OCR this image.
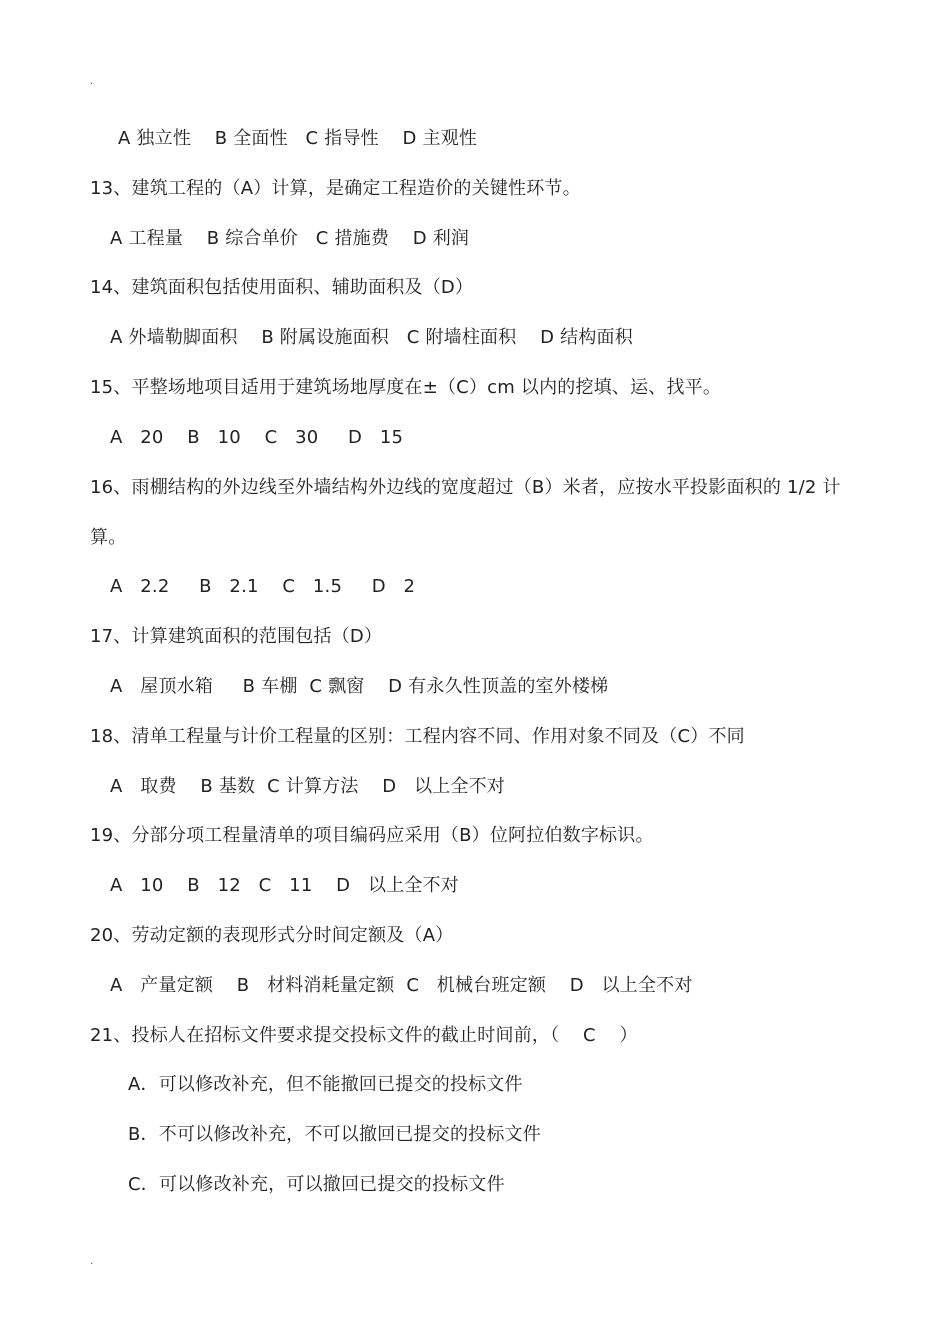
.
A 独立性    B 全面性   C 指导性    D 主观性
13、建筑工程的（A）计算，是确定工程造价的关键性环节。
A 工程量    B 综合单价   C 措施费    D 利润
14、建筑面积包括使用面积、辅助面积及（D）
A 外墙勒脚面积    B 附属设施面积   C 附墙柱面积    D 结构面积
15、平整场地项目适用于建筑场地厚度在±（C）cm 以内的挖填、运、找平。
A   20    B   10    C   30     D   15
16、雨棚结构的外边线至外墙结构外边线的宽度超过（B）米者，应按水平投影面积的 1/2 计
算。
A   2.2     B   2.1    C   1.5     D   2
17、计算建筑面积的范围包括（D）
A   屋顶水箱     B 车棚  C 飘窗    D 有永久性顶盖的室外楼梯
18、清单工程量与计价工程量的区别：工程内容不同、作用对象不同及（C）不同
A   取费    B 基数  C 计算方法    D   以上全不对
19、分部分项工程量清单的项目编码应采用（B）位阿拉伯数字标识。
A   10    B   12   C   11    D   以上全不对
20、劳动定额的表现形式分时间定额及（A）
A   产量定额    B   材料消耗量定额  C   机械台班定额    D   以上全不对
21、投标人在招标文件要求提交投标文件的截止时间前，（    C    ）
A．可以修改补充，但不能撤回已提交的投标文件
B．不可以修改补充，不可以撤回已提交的投标文件
C．可以修改补充，可以撤回已提交的投标文件
.
